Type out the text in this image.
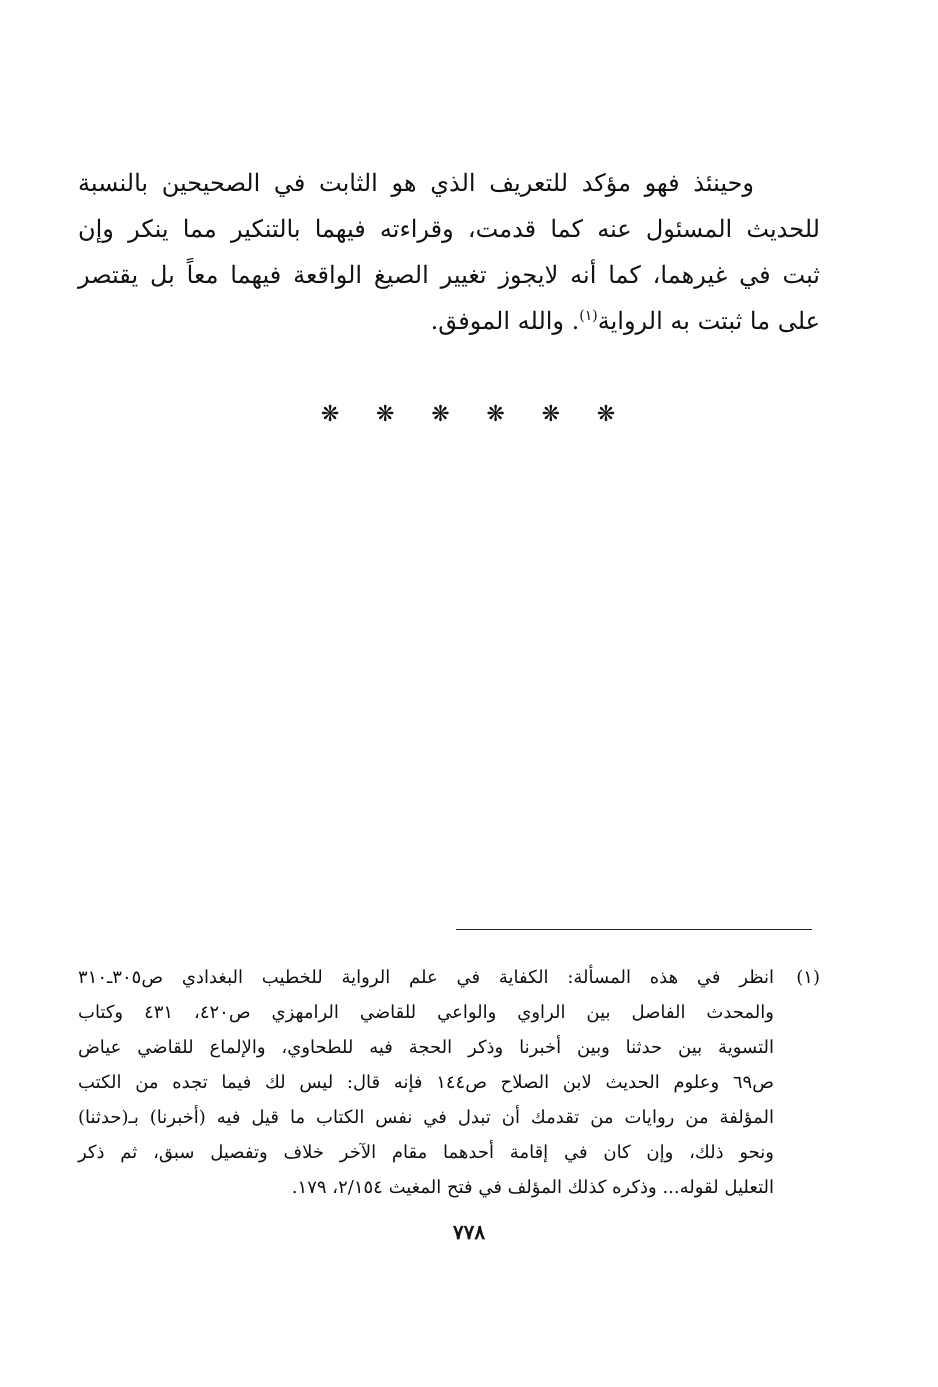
وحينئذ فهو مؤكد للتعريف الذي هو الثابت في الصحيحين بالنسبة
للحديث المسئول عنه كما قدمت، وقراءته فيهما بالتنكير مما ينكر وإن
ثبت في غيرهما، كما أنه لايجوز تغيير الصيغ الواقعة فيهما معاً بل يقتصر
على ما ثبتت به الرواية$^{(١)}$. والله الموفق.
❋
❋
❋
❋
❋
❋
(١)
انظر في هذه المسألة: الكفاية في علم الرواية للخطيب البغدادي ص٣٠٥ـ٣١٠
والمحدث الفاصل بين الراوي والواعي للقاضي الرامهزي ص٤٢٠، ٤٣١ وكتاب
التسوية بين حدثنا وبين أخبرنا وذكر الحجة فيه للطحاوي، والإلماع للقاضي عياض
ص٦٩ وعلوم الحديث لابن الصلاح ص١٤٤ فإنه قال: ليس لك فيما تجده من الكتب
المؤلفة من روايات من تقدمك أن تبدل في نفس الكتاب ما قيل فيه (أخبرنا) بـ(حدثنا)
ونحو ذلك، وإن كان في إقامة أحدهما مقام الآخر خلاف وتفصيل سبق، ثم ذكر
التعليل لقوله... وذكره كذلك المؤلف في فتح المغيث ٢/١٥٤، ١٧٩.
٧٧٨
